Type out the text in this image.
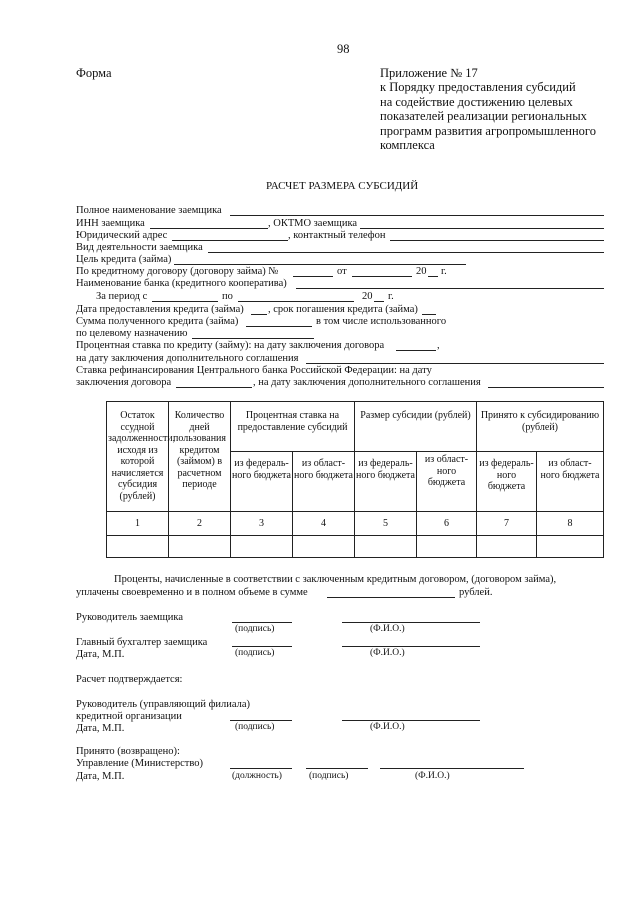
98
Форма	Приложение № 17
к Порядку предоставления субсидий
на содействие достижению целевых
показателей реализации региональных
программ развития агропромышленного
комплекса
РАСЧЕТ РАЗМЕРА СУБСИДИЙ
Полное наименование заемщика
ИНН заемщика	, ОКТМО заемщика
Юридический адрес	, контактный телефон
Вид деятельности заемщика
Цель кредита (займа)
По кредитному договору (договору займа) №	от	20 г.
Наименование банка (кредитного кооператива)
За период с	по	20 г.
Дата предоставления кредита (займа) , срок погашения кредита (займа)
Сумма полученного кредита (займа)	в том числе использованного
по целевому назначению
Процентная ставка по кредиту (займу): на дату заключения договора	,
на дату заключения дополнительного соглашения
Ставка рефинансирования Центрального банка Российской Федерации: на дату
заключения договора	, на дату заключения дополнительного соглашения
Остаток ссудной задолженности, исходя из которой начисляется субсидия (рублей)	Количество дней пользования кредитом (займом) в расчетном периоде	Процентная ставка на предоставление субсидий		Размер субсидии (рублей)		Принято к субсидированию (рублей)	
		из федераль- ного бюджета	из област- ного бюджета	из федераль- ного бюджета	из област- ного бюджета	из федераль- ного бюджета	из област- ного бюджета
1	2	3	4	5	6	7	8

Проценты, начисленные в соответствии с заключенным кредитным договором, (договором займа),
уплачены своевременно и в полном объеме в сумме	рублей.
Руководитель заемщика
(подпись)	(Ф.И.О.)
Главный бухгалтер заемщика
Дата, М.П.	(подпись)	(Ф.И.О.)
Расчет подтверждается:
Руководитель (управляющий филиала)
кредитной организации
Дата, М.П.	(подпись)	(Ф.И.О.)
Принято (возвращено):
Управление (Министерство)
Дата, М.П.	(должность)	(подпись)	(Ф.И.О.)
